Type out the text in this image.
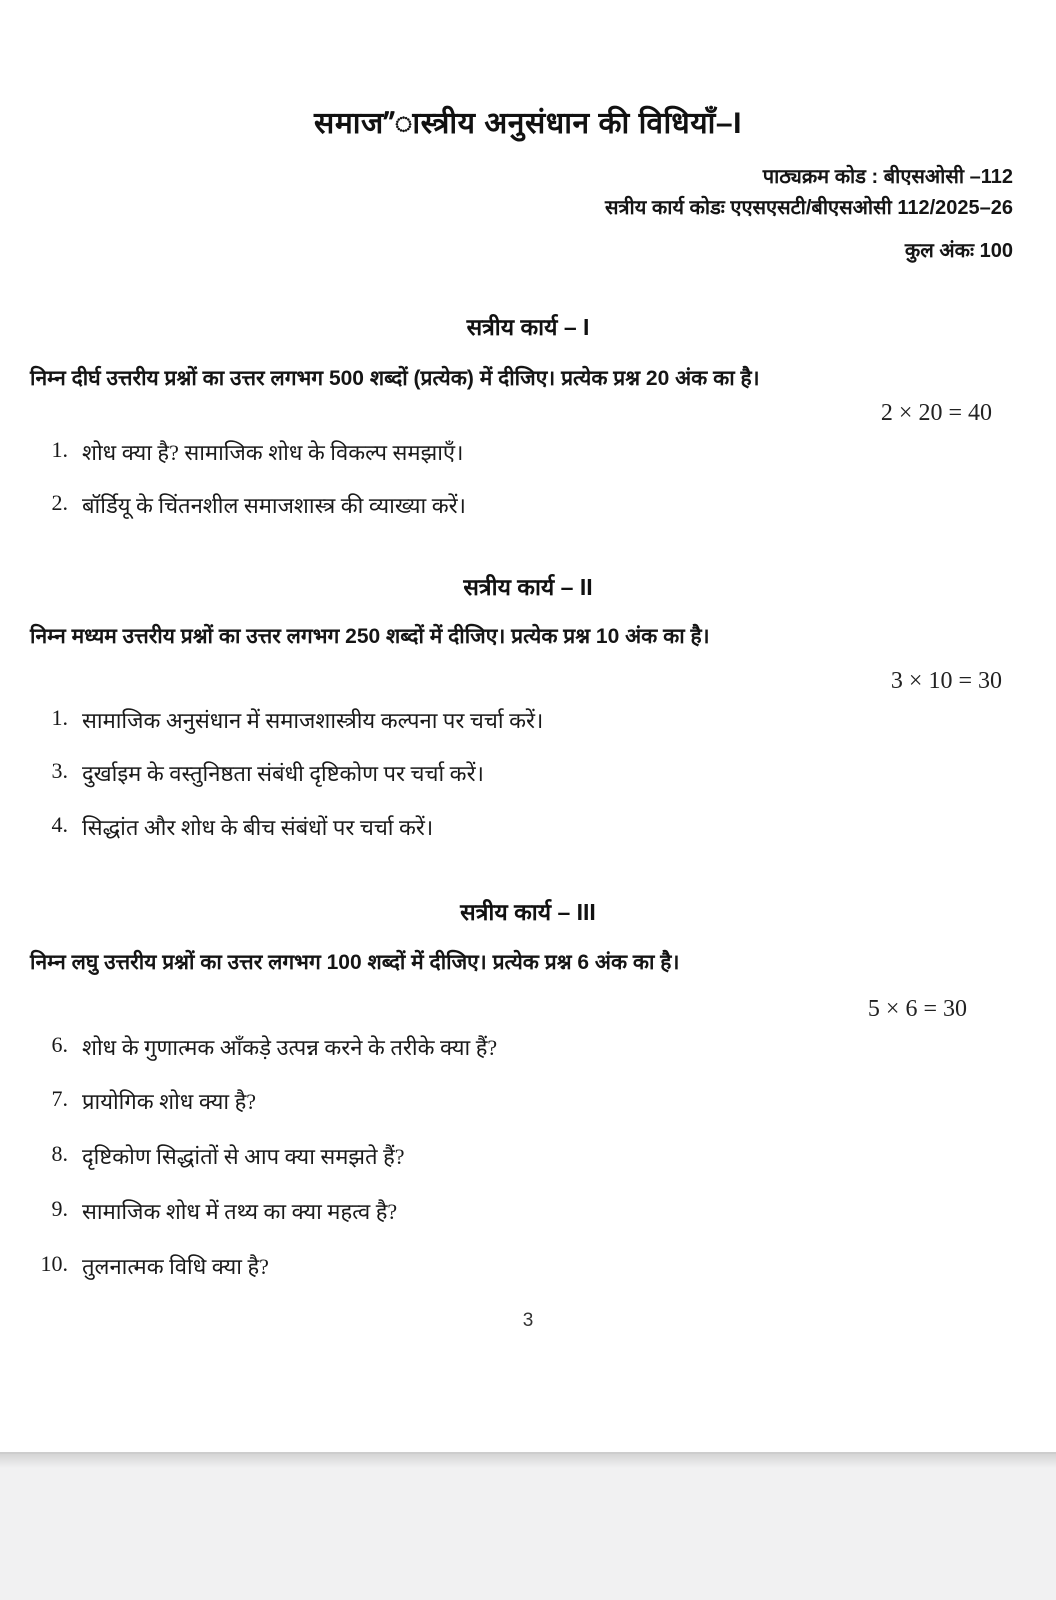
समाज”ास्त्रीय अनुसंधान की विधियाँ–I
पाठ्यक्रम कोड : बीएसओसी –112
सत्रीय कार्य कोडः एएसएसटी/बीएसओसी 112/2025–26
कुल अंकः 100
सत्रीय कार्य – I
निम्न दीर्घ उत्तरीय प्रश्नों का उत्तर लगभग 500 शब्दों (प्रत्येक) में दीजिए। प्रत्येक प्रश्न 20 अंक का है।
2 × 20 = 40
1. शोध क्या है? सामाजिक शोध के विकल्प समझाएँ।
2. बॉर्डियू के चिंतनशील समाजशास्त्र की व्याख्या करें।
सत्रीय कार्य – II
निम्न मध्यम उत्तरीय प्रश्नों का उत्तर लगभग 250 शब्दों में दीजिए। प्रत्येक प्रश्न 10 अंक का है।
3 × 10 = 30
1. सामाजिक अनुसंधान में समाजशास्त्रीय कल्पना पर चर्चा करें।
3. दुर्खाइम के वस्तुनिष्ठता संबंधी दृष्टिकोण पर चर्चा करें।
4. सिद्धांत और शोध के बीच संबंधों पर चर्चा करें।
सत्रीय कार्य – III
निम्न लघु उत्तरीय प्रश्नों का उत्तर लगभग 100 शब्दों में दीजिए। प्रत्येक प्रश्न 6 अंक का है।
5 × 6 = 30
6. शोध के गुणात्मक आँकड़े उत्पन्न करने के तरीके क्या हैं?
7. प्रायोगिक शोध क्या है?
8. दृष्टिकोण सिद्धांतों से आप क्या समझते हैं?
9. सामाजिक शोध में तथ्य का क्या महत्व है?
10. तुलनात्मक विधि क्या है?
3
